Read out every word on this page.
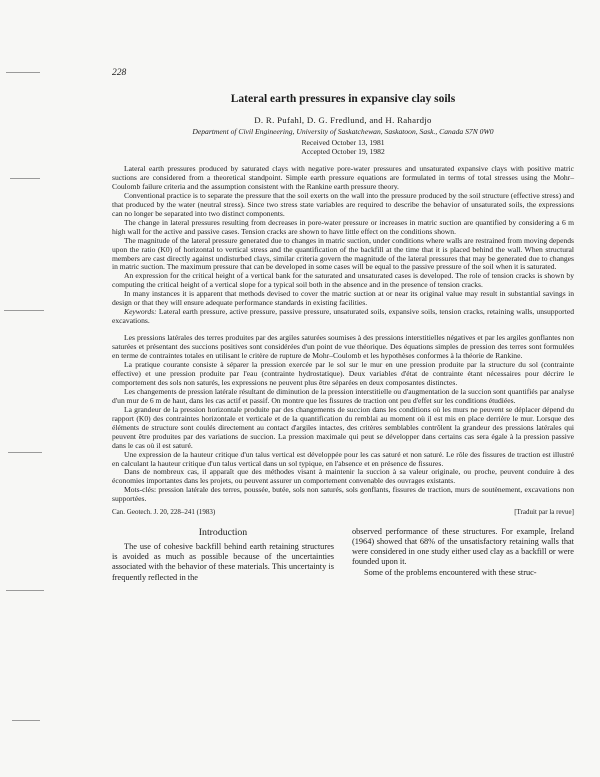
228
Lateral earth pressures in expansive clay soils
D. R. Pufahl, D. G. Fredlund, and H. Rahardjo
Department of Civil Engineering, University of Saskatchewan, Saskatoon, Sask., Canada S7N 0W0
Received October 13, 1981
Accepted October 19, 1982

Lateral earth pressures produced by saturated clays with negative pore-water pressures and unsaturated expansive clays with positive matric suctions are considered from a theoretical standpoint. Simple earth pressure equations are formulated in terms of total stresses using the Mohr–Coulomb failure criteria and the assumption consistent with the Rankine earth pressure theory.

Conventional practice is to separate the pressure that the soil exerts on the wall into the pressure produced by the soil structure (effective stress) and that produced by the water (neutral stress). Since two stress state variables are required to describe the behavior of unsaturated soils, the expressions can no longer be separated into two distinct components.

The change in lateral pressures resulting from decreases in pore-water pressure or increases in matric suction are quantified by considering a 6 m high wall for the active and passive cases. Tension cracks are shown to have little effect on the conditions shown.

The magnitude of the lateral pressure generated due to changes in matric suction, under conditions where walls are restrained from moving depends upon the ratio (K0) of horizontal to vertical stress and the quantification of the backfill at the time that it is placed behind the wall. When structural members are cast directly against undisturbed clays, similar criteria govern the magnitude of the lateral pressures that may be generated due to changes in matric suction. The maximum pressure that can be developed in some cases will be equal to the passive pressure of the soil when it is saturated.

An expression for the critical height of a vertical bank for the saturated and unsaturated cases is developed. The role of tension cracks is shown by computing the critical height of a vertical slope for a typical soil both in the absence and in the presence of tension cracks.

In many instances it is apparent that methods devised to cover the matric suction at or near its original value may result in substantial savings in design or that they will ensure adequate performance standards in existing facilities.

Keywords: Lateral earth pressure, active pressure, passive pressure, unsaturated soils, expansive soils, tension cracks, retaining walls, unsupported excavations.

Les pressions latérales des terres produites par des argiles saturées soumises à des pressions interstitielles négatives et par les argiles gonflantes non saturées et présentant des succions positives sont considérées d'un point de vue théorique. Des équations simples de pression des terres sont formulées en terme de contraintes totales en utilisant le critère de rupture de Mohr–Coulomb et les hypothèses conformes à la théorie de Rankine.

La pratique courante consiste à séparer la pression exercée par le sol sur le mur en une pression produite par la structure du sol (contrainte effective) et une pression produite par l'eau (contrainte hydrostatique). Deux variables d'état de contrainte étant nécessaires pour décrire le comportement des sols non saturés, les expressions ne peuvent plus être séparées en deux composantes distinctes.

Les changements de pression latérale résultant de diminution de la pression interstitielle ou d'augmentation de la succion sont quantifiés par analyse d'un mur de 6 m de haut, dans les cas actif et passif. On montre que les fissures de traction ont peu d'effet sur les conditions étudiées.

La grandeur de la pression horizontale produite par des changements de succion dans les conditions où les murs ne peuvent se déplacer dépend du rapport (K0) des contraintes horizontale et verticale et de la quantification du remblai au moment où il est mis en place derrière le mur. Lorsque des éléments de structure sont coulés directement au contact d'argiles intactes, des critères semblables contrôlent la grandeur des pressions latérales qui peuvent être produites par des variations de succion. La pression maximale qui peut se développer dans certains cas sera égale à la pression passive dans le cas où il est saturé.

Une expression de la hauteur critique d'un talus vertical est développée pour les cas saturé et non saturé. Le rôle des fissures de traction est illustré en calculant la hauteur critique d'un talus vertical dans un sol typique, en l'absence et en présence de fissures.

Dans de nombreux cas, il apparaît que des méthodes visant à maintenir la succion à sa valeur originale, ou proche, peuvent conduire à des économies importantes dans les projets, ou peuvent assurer un comportement convenable des ouvrages existants.

Mots-clés: pression latérale des terres, poussée, butée, sols non saturés, sols gonflants, fissures de traction, murs de soutènement, excavations non supportées.

Can. Geotech. J. 20, 228–241 (1983)	[Traduit par la revue]
Introduction

The use of cohesive backfill behind earth retaining structures is avoided as much as possible because of the uncertainties associated with the behavior of these materials. This uncertainty is frequently reflected in the

observed performance of these structures. For example, Ireland (1964) showed that 68% of the unsatisfactory retaining walls that were considered in one study either used clay as a backfill or were founded upon it.

Some of the problems encountered with these struc-
